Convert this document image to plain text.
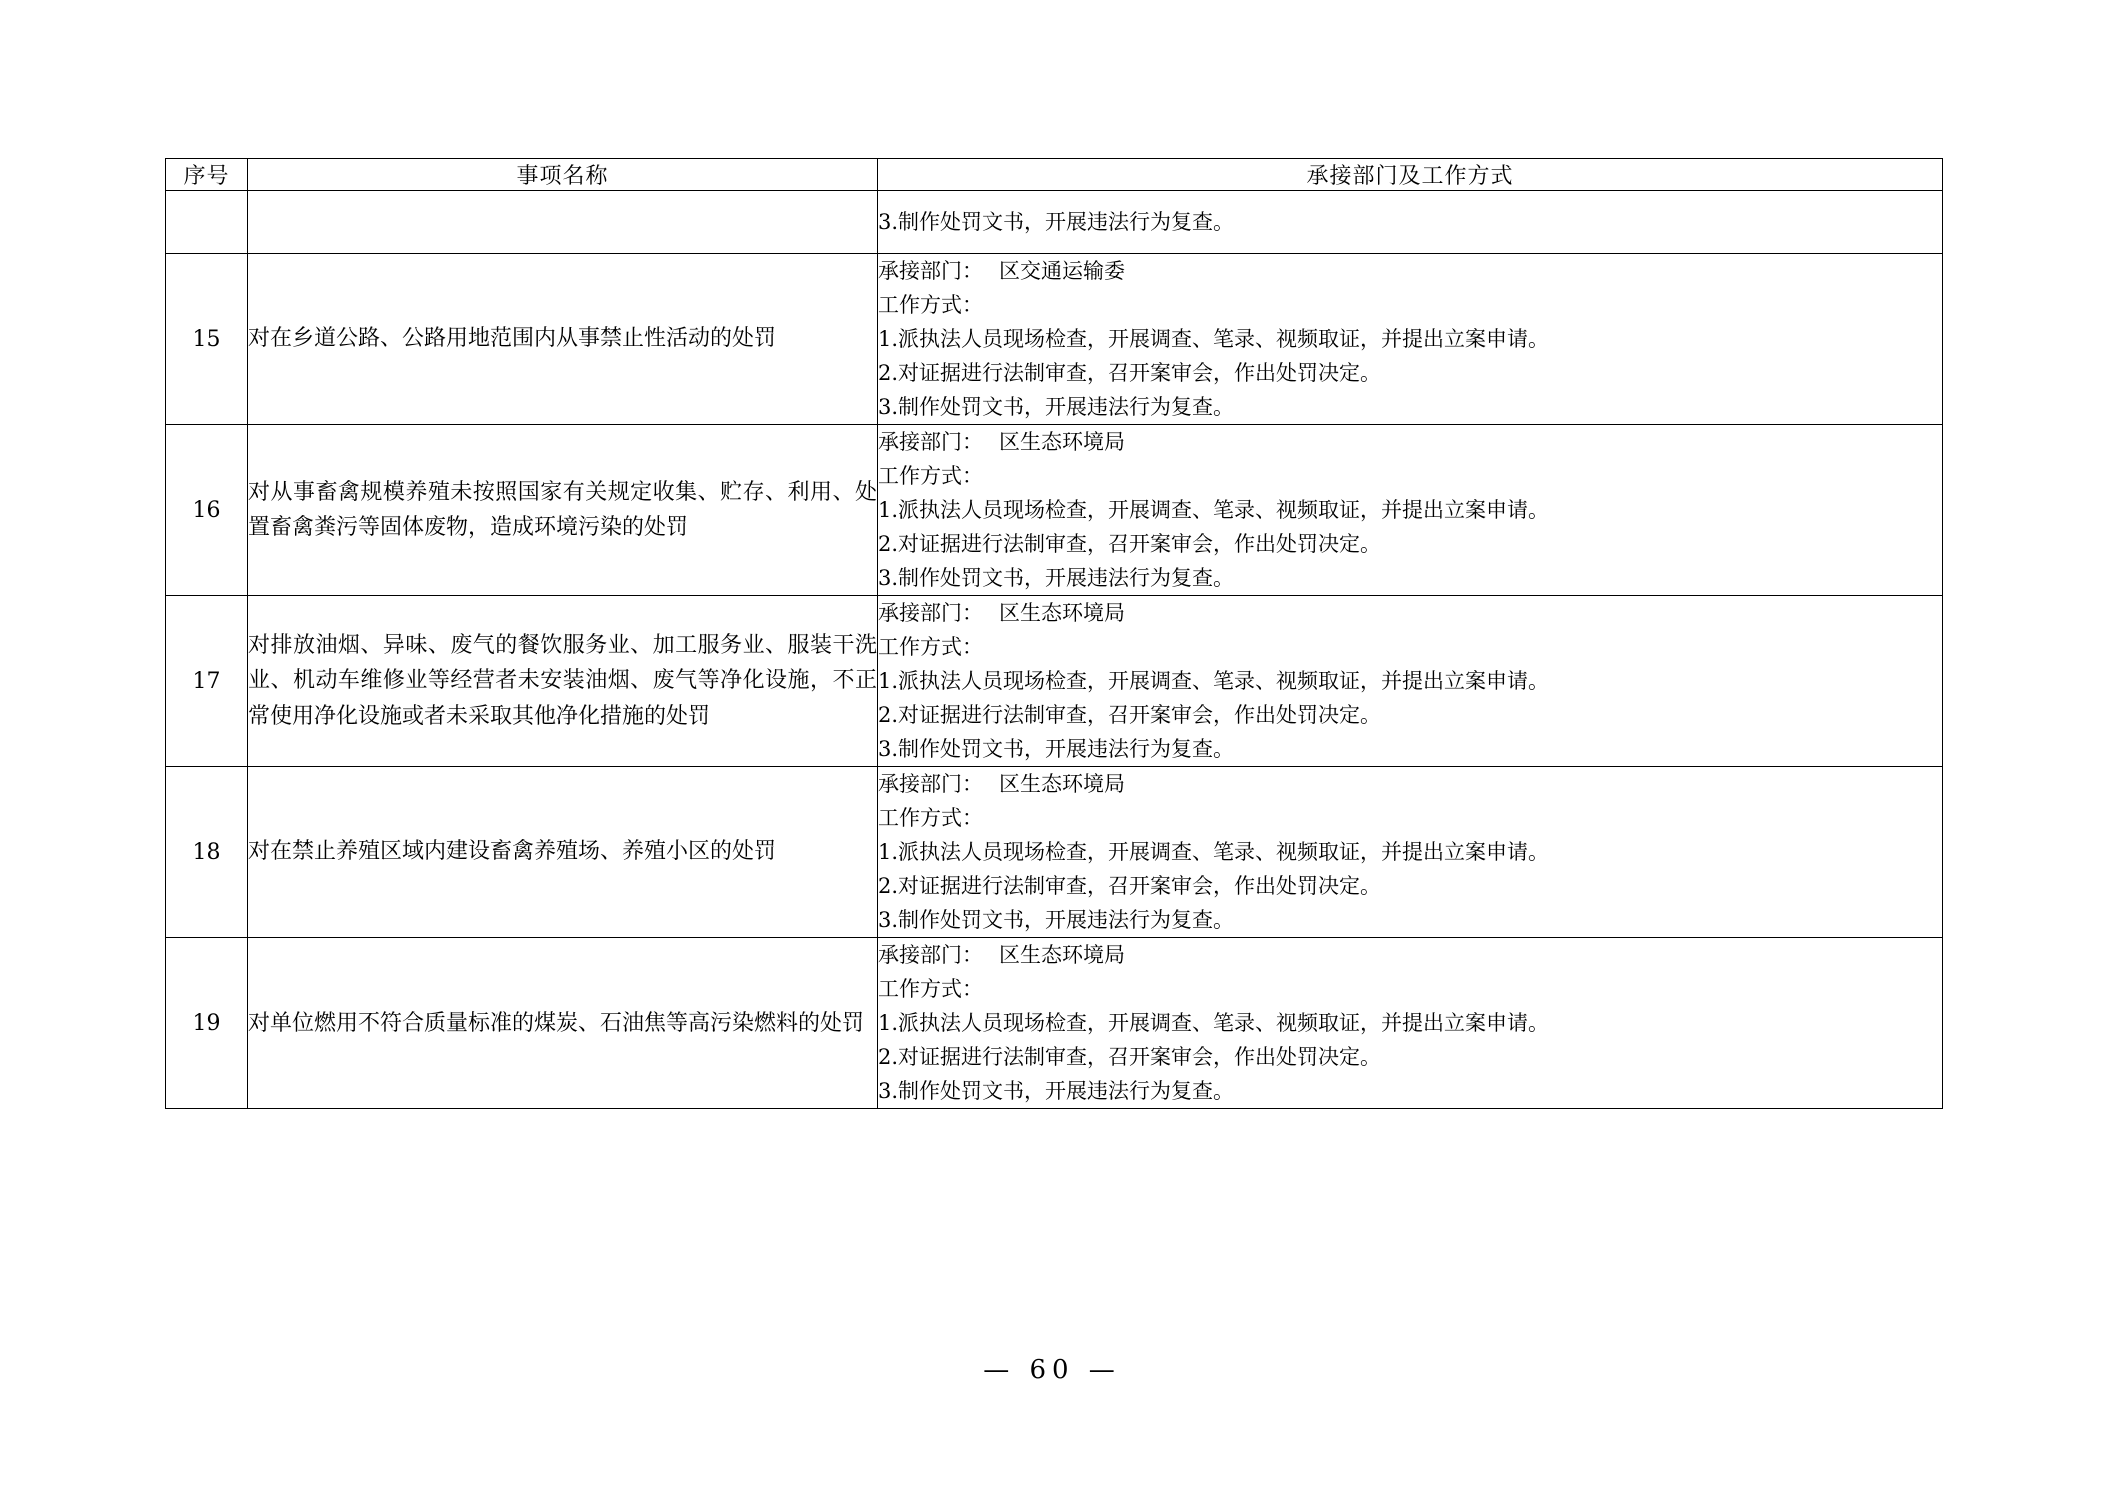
序号	事项名称	承接部门及工作方式

		3.制作处罚文书，开展违法行为复查。

15	对在乡道公路、公路用地范围内从事禁止性活动的处罚	承接部门： 区交通运输委
工作方式：
1.派执法人员现场检查，开展调查、笔录、视频取证，并提出立案申请。
2.对证据进行法制审查，召开案审会，作出处罚决定。
3.制作处罚文书，开展违法行为复查。

16	对从事畜禽规模养殖未按照国家有关规定收集、贮存、利用、处置畜禽粪污等固体废物，造成环境污染的处罚	承接部门： 区生态环境局
工作方式：
1.派执法人员现场检查，开展调查、笔录、视频取证，并提出立案申请。
2.对证据进行法制审查，召开案审会，作出处罚决定。
3.制作处罚文书，开展违法行为复查。

17	对排放油烟、异味、废气的餐饮服务业、加工服务业、服装干洗业、机动车维修业等经营者未安装油烟、废气等净化设施，不正常使用净化设施或者未采取其他净化措施的处罚	承接部门： 区生态环境局
工作方式：
1.派执法人员现场检查，开展调查、笔录、视频取证，并提出立案申请。
2.对证据进行法制审查，召开案审会，作出处罚决定。
3.制作处罚文书，开展违法行为复查。

18	对在禁止养殖区域内建设畜禽养殖场、养殖小区的处罚	承接部门： 区生态环境局
工作方式：
1.派执法人员现场检查，开展调查、笔录、视频取证，并提出立案申请。
2.对证据进行法制审查，召开案审会，作出处罚决定。
3.制作处罚文书，开展违法行为复查。

19	对单位燃用不符合质量标准的煤炭、石油焦等高污染燃料的处罚	承接部门： 区生态环境局
工作方式：
1.派执法人员现场检查，开展调查、笔录、视频取证，并提出立案申请。
2.对证据进行法制审查，召开案审会，作出处罚决定。
3.制作处罚文书，开展违法行为复查。
— 60 —
